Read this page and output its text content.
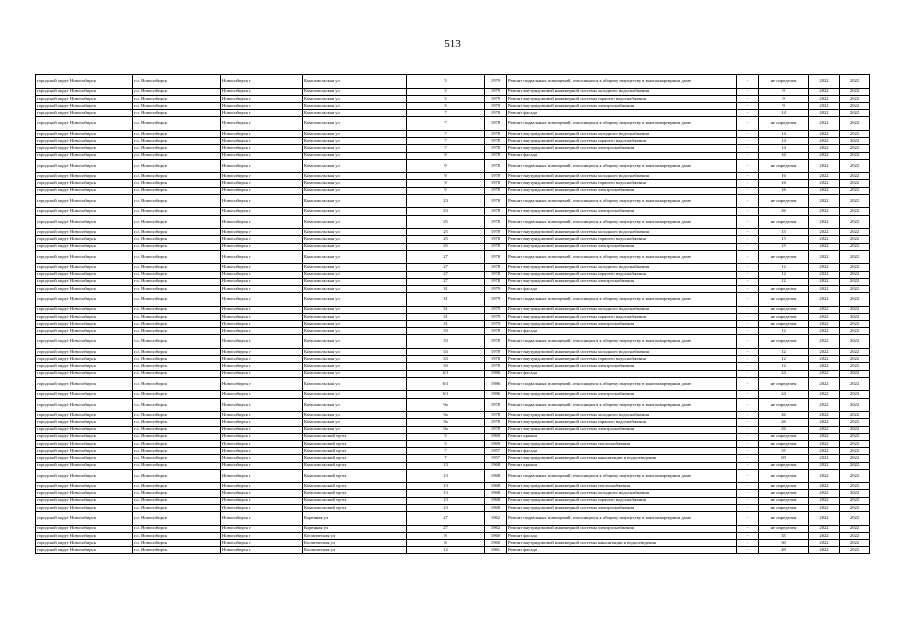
513
городской округ Новосибирск	г.о. Новосибирск	Новосибирск г	Комсомольская ул	5	1979	Ремонт подвальных помещений, относящихся к общему имуществу в многоквартирном доме	-	не определен	2022	2022
городской округ Новосибирск	г.о. Новосибирск	Новосибирск г	Комсомольская ул	5	1979	Ремонт внутридомовой инженерной системы холодного водоснабжения	-	9	2022	2022
городской округ Новосибирск	г.о. Новосибирск	Новосибирск г	Комсомольская ул	5	1979	Ремонт внутридомовой инженерной системы горячего водоснабжения	-	9	2022	2022
городской округ Новосибирск	г.о. Новосибирск	Новосибирск г	Комсомольская ул	5	1979	Ремонт внутридомовой инженерной системы электроснабжения	-	9	2022	2022
городской округ Новосибирск	г.о. Новосибирск	Новосибирск г	Комсомольская ул	7	1978	Ремонт фасада	-	14	2022	2022
городской округ Новосибирск	г.о. Новосибирск	Новосибирск г	Комсомольская ул	7	1978	Ремонт подвальных помещений, относящихся к общему имуществу в многоквартирном доме	-	не определен	2022	2022
городской округ Новосибирск	г.о. Новосибирск	Новосибирск г	Комсомольская ул	7	1978	Ремонт внутридомовой инженерной системы холодного водоснабжения	-	14	2022	2022
городской округ Новосибирск	г.о. Новосибирск	Новосибирск г	Комсомольская ул	7	1978	Ремонт внутридомовой инженерной системы горячего водоснабжения	-	14	2022	2022
городской округ Новосибирск	г.о. Новосибирск	Новосибирск г	Комсомольская ул	7	1978	Ремонт внутридомовой инженерной системы электроснабжения	-	14	2022	2022
городской округ Новосибирск	г.о. Новосибирск	Новосибирск г	Комсомольская ул	9	1978	Ремонт фасада	-	16	2022	2022
городской округ Новосибирск	г.о. Новосибирск	Новосибирск г	Комсомольская ул	9	1978	Ремонт подвальных помещений, относящихся к общему имуществу в многоквартирном доме	-	не определен	2022	2022
городской округ Новосибирск	г.о. Новосибирск	Новосибирск г	Комсомольская ул	9	1978	Ремонт внутридомовой инженерной системы холодного водоснабжения	-	16	2022	2022
городской округ Новосибирск	г.о. Новосибирск	Новосибирск г	Комсомольская ул	9	1978	Ремонт внутридомовой инженерной системы горячего водоснабжения	-	16	2022	2022
городской округ Новосибирск	г.о. Новосибирск	Новосибирск г	Комсомольская ул	9	1978	Ремонт внутридомовой инженерной системы электроснабжения	-	16	2022	2022
городской округ Новосибирск	г.о. Новосибирск	Новосибирск г	Комсомольская ул	23	1978	Ремонт подвальных помещений, относящихся к общему имуществу в многоквартирном доме	-	не определен	2022	2022
городской округ Новосибирск	г.о. Новосибирск	Новосибирск г	Комсомольская ул	23	1978	Ремонт внутридомовой инженерной системы электроснабжения	-	26	2022	2022
городской округ Новосибирск	г.о. Новосибирск	Новосибирск г	Комсомольская ул	25	1978	Ремонт подвальных помещений, относящихся к общему имуществу в многоквартирном доме	-	не определен	2022	2022
городской округ Новосибирск	г.о. Новосибирск	Новосибирск г	Комсомольская ул	25	1978	Ремонт внутридомовой инженерной системы холодного водоснабжения	-	15	2022	2022
городской округ Новосибирск	г.о. Новосибирск	Новосибирск г	Комсомольская ул	25	1978	Ремонт внутридомовой инженерной системы горячего водоснабжения	-	15	2022	2022
городской округ Новосибирск	г.о. Новосибирск	Новосибирск г	Комсомольская ул	25	1978	Ремонт внутридомовой инженерной системы электроснабжения	-	15	2022	2022
городской округ Новосибирск	г.о. Новосибирск	Новосибирск г	Комсомольская ул	27	1978	Ремонт подвальных помещений, относящихся к общему имуществу в многоквартирном доме	-	не определен	2022	2022
городской округ Новосибирск	г.о. Новосибирск	Новосибирск г	Комсомольская ул	27	1978	Ремонт внутридомовой инженерной системы холодного водоснабжения	-	12	2022	2022
городской округ Новосибирск	г.о. Новосибирск	Новосибирск г	Комсомольская ул	27	1978	Ремонт внутридомовой инженерной системы горячего водоснабжения	-	12	2022	2022
городской округ Новосибирск	г.о. Новосибирск	Новосибирск г	Комсомольская ул	27	1978	Ремонт внутридомовой инженерной системы электроснабжения	-	12	2022	2022
городской округ Новосибирск	г.о. Новосибирск	Новосибирск г	Комсомольская ул	31	1979	Ремонт фасада	-	не определен	2022	2022
городской округ Новосибирск	г.о. Новосибирск	Новосибирск г	Комсомольская ул	31	1979	Ремонт подвальных помещений, относящихся к общему имуществу в многоквартирном доме	-	не определен	2022	2022
городской округ Новосибирск	г.о. Новосибирск	Новосибирск г	Комсомольская ул	31	1979	Ремонт внутридомовой инженерной системы холодного водоснабжения	-	не определен	2022	2022
городской округ Новосибирск	г.о. Новосибирск	Новосибирск г	Комсомольская ул	31	1979	Ремонт внутридомовой инженерной системы горячего водоснабжения	-	не определен	2022	2022
городской округ Новосибирск	г.о. Новосибирск	Новосибирск г	Комсомольская ул	31	1979	Ремонт внутридомовой инженерной системы электроснабжения	-	не определен	2022	2022
городской округ Новосибирск	г.о. Новосибирск	Новосибирск г	Комсомольская ул	33	1978	Ремонт фасада	-	12	2022	2022
городской округ Новосибирск	г.о. Новосибирск	Новосибирск г	Комсомольская ул	33	1978	Ремонт подвальных помещений, относящихся к общему имуществу в многоквартирном доме	-	не определен	2022	2022
городской округ Новосибирск	г.о. Новосибирск	Новосибирск г	Комсомольская ул	33	1978	Ремонт внутридомовой инженерной системы холодного водоснабжения	-	12	2022	2022
городской округ Новосибирск	г.о. Новосибирск	Новосибирск г	Комсомольская ул	33	1978	Ремонт внутридомовой инженерной системы горячего водоснабжения	-	12	2022	2022
городской округ Новосибирск	г.о. Новосибирск	Новосибирск г	Комсомольская ул	33	1978	Ремонт внутридомовой инженерной системы электроснабжения	-	12	2022	2022
городской округ Новосибирск	г.о. Новосибирск	Новосибирск г	Комсомольская ул	6/1	1986	Ремонт фасада	-	24	2022	2022
городской округ Новосибирск	г.о. Новосибирск	Новосибирск г	Комсомольская ул	6/1	1986	Ремонт подвальных помещений, относящихся к общему имуществу в многоквартирном доме	-	не определен	2022	2022
городской округ Новосибирск	г.о. Новосибирск	Новосибирск г	Комсомольская ул	6/1	1986	Ремонт внутридомовой инженерной системы электроснабжения	-	24	2022	2022
городской округ Новосибирск	г.о. Новосибирск	Новосибирск г	Комсомольская ул	9а	1978	Ремонт подвальных помещений, относящихся к общему имуществу в многоквартирном доме	-	не определен	2022	2022
городской округ Новосибирск	г.о. Новосибирск	Новосибирск г	Комсомольская ул	9а	1978	Ремонт внутридомовой инженерной системы холодного водоснабжения	-	26	2022	2022
городской округ Новосибирск	г.о. Новосибирск	Новосибирск г	Комсомольская ул	9а	1978	Ремонт внутридомовой инженерной системы горячего водоснабжения	-	26	2022	2022
городской округ Новосибирск	г.о. Новосибирск	Новосибирск г	Комсомольская ул	9а	1978	Ремонт внутридомовой инженерной системы электроснабжения	-	26	2022	2022
городской округ Новосибирск	г.о. Новосибирск	Новосибирск г	Комсомольский пр-кт	5	1969	Ремонт крыши	-	не определен	2022	2022
городской округ Новосибирск	г.о. Новосибирск	Новосибирск г	Комсомольский пр-кт	5	1969	Ремонт внутридомовой инженерной системы теплоснабжения	-	не определен	2022	2022
городской округ Новосибирск	г.о. Новосибирск	Новосибирск г	Комсомольский пр-кт	7	1957	Ремонт фасада	-	55	2022	2022
городской округ Новосибирск	г.о. Новосибирск	Новосибирск г	Комсомольский пр-кт	7	1957	Ремонт внутридомовой инженерной системы канализации и водоотведения	-	69	2022	2022
городской округ Новосибирск	г.о. Новосибирск	Новосибирск г	Комсомольский пр-кт	13	1968	Ремонт крыши	-	не определен	2022	2022
городской округ Новосибирск	г.о. Новосибирск	Новосибирск г	Комсомольский пр-кт	13	1968	Ремонт подвальных помещений, относящихся к общему имуществу в многоквартирном доме	-	не определен	2022	2022
городской округ Новосибирск	г.о. Новосибирск	Новосибирск г	Комсомольский пр-кт	13	1968	Ремонт внутридомовой инженерной системы теплоснабжения	-	не определен	2022	2022
городской округ Новосибирск	г.о. Новосибирск	Новосибирск г	Комсомольский пр-кт	13	1968	Ремонт внутридомовой инженерной системы холодного водоснабжения	-	не определен	2022	2022
городской округ Новосибирск	г.о. Новосибирск	Новосибирск г	Комсомольский пр-кт	13	1968	Ремонт внутридомовой инженерной системы горячего водоснабжения	-	не определен	2022	2022
городской округ Новосибирск	г.о. Новосибирск	Новосибирск г	Комсомольский пр-кт	13	1968	Ремонт внутридомовой инженерной системы электроснабжения	-	не определен	2022	2022
городской округ Новосибирск	г.о. Новосибирск	Новосибирск г	Коренная ул	27	1962	Ремонт подвальных помещений, относящихся к общему имуществу в многоквартирном доме	-	не определен	2022	2022
городской округ Новосибирск	г.о. Новосибирск	Новосибирск г	Коренная ул	27	1962	Ремонт внутридомовой инженерной системы электроснабжения	-	не определен	2022	2022
городской округ Новосибирск	г.о. Новосибирск	Новосибирск г	Космическая ул	8	1960	Ремонт фасада	-	35	2022	2022
городской округ Новосибирск	г.о. Новосибирск	Новосибирск г	Космическая ул	8	1960	Ремонт внутридомовой инженерной системы канализации и водоотведения	-	30	2022	2022
городской округ Новосибирск	г.о. Новосибирск	Новосибирск г	Космическая ул	12	1961	Ремонт фасада	-	49	2022	2022
